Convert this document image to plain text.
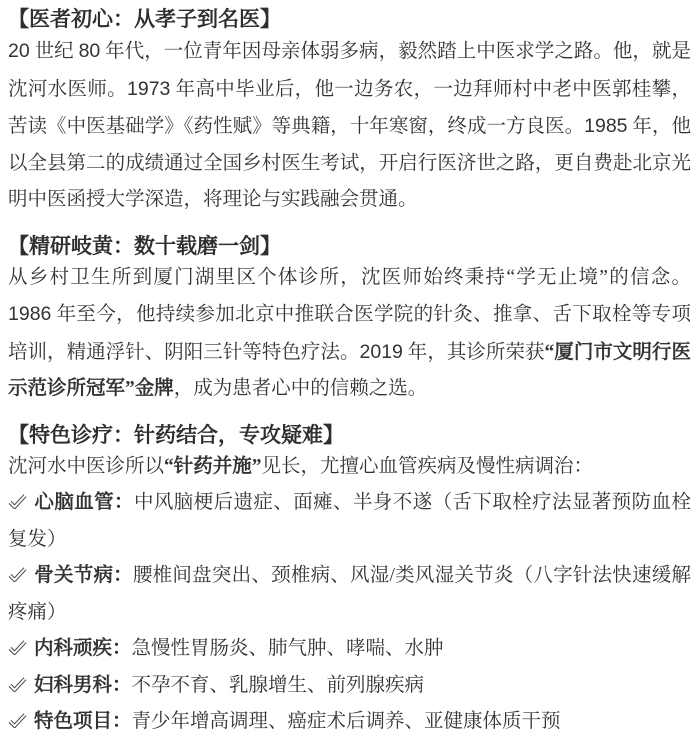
【医者初心：从孝子到名医】

20 世纪 80 年代，一位青年因母亲体弱多病，毅然踏上中医求学之路。他，就是沈河水医师。1973 年高中毕业后，他一边务农，一边拜师村中老中医郭桂攀，苦读《中医基础学》《药性赋》等典籍，十年寒窗，终成一方良医。1985 年，他以全县第二的成绩通过全国乡村医生考试，开启行医济世之路，更自费赴北京光明中医函授大学深造，将理论与实践融会贯通。

【精研岐黄：数十载磨一剑】

从乡村卫生所到厦门湖里区个体诊所，沈医师始终秉持“学无止境”的信念。1986 年至今，他持续参加北京中推联合医学院的针灸、推拿、舌下取栓等专项培训，精通浮针、阴阳三针等特色疗法。2019 年，其诊所荣获“厦门市文明行医示范诊所冠军”金牌，成为患者心中的信赖之选。

【特色诊疗：针药结合，专攻疑难】

沈河水中医诊所以“针药并施”见长，尤擅心血管疾病及慢性病调治：

心脑血管：中风脑梗后遗症、面瘫、半身不遂（舌下取栓疗法显著预防血栓复发）

骨关节病：腰椎间盘突出、颈椎病、风湿/类风湿关节炎（八字针法快速缓解疼痛）

内科顽疾：急慢性胃肠炎、肺气肿、哮喘、水肿

妇科男科：不孕不育、乳腺增生、前列腺疾病

特色项目：青少年增高调理、癌症术后调养、亚健康体质干预
